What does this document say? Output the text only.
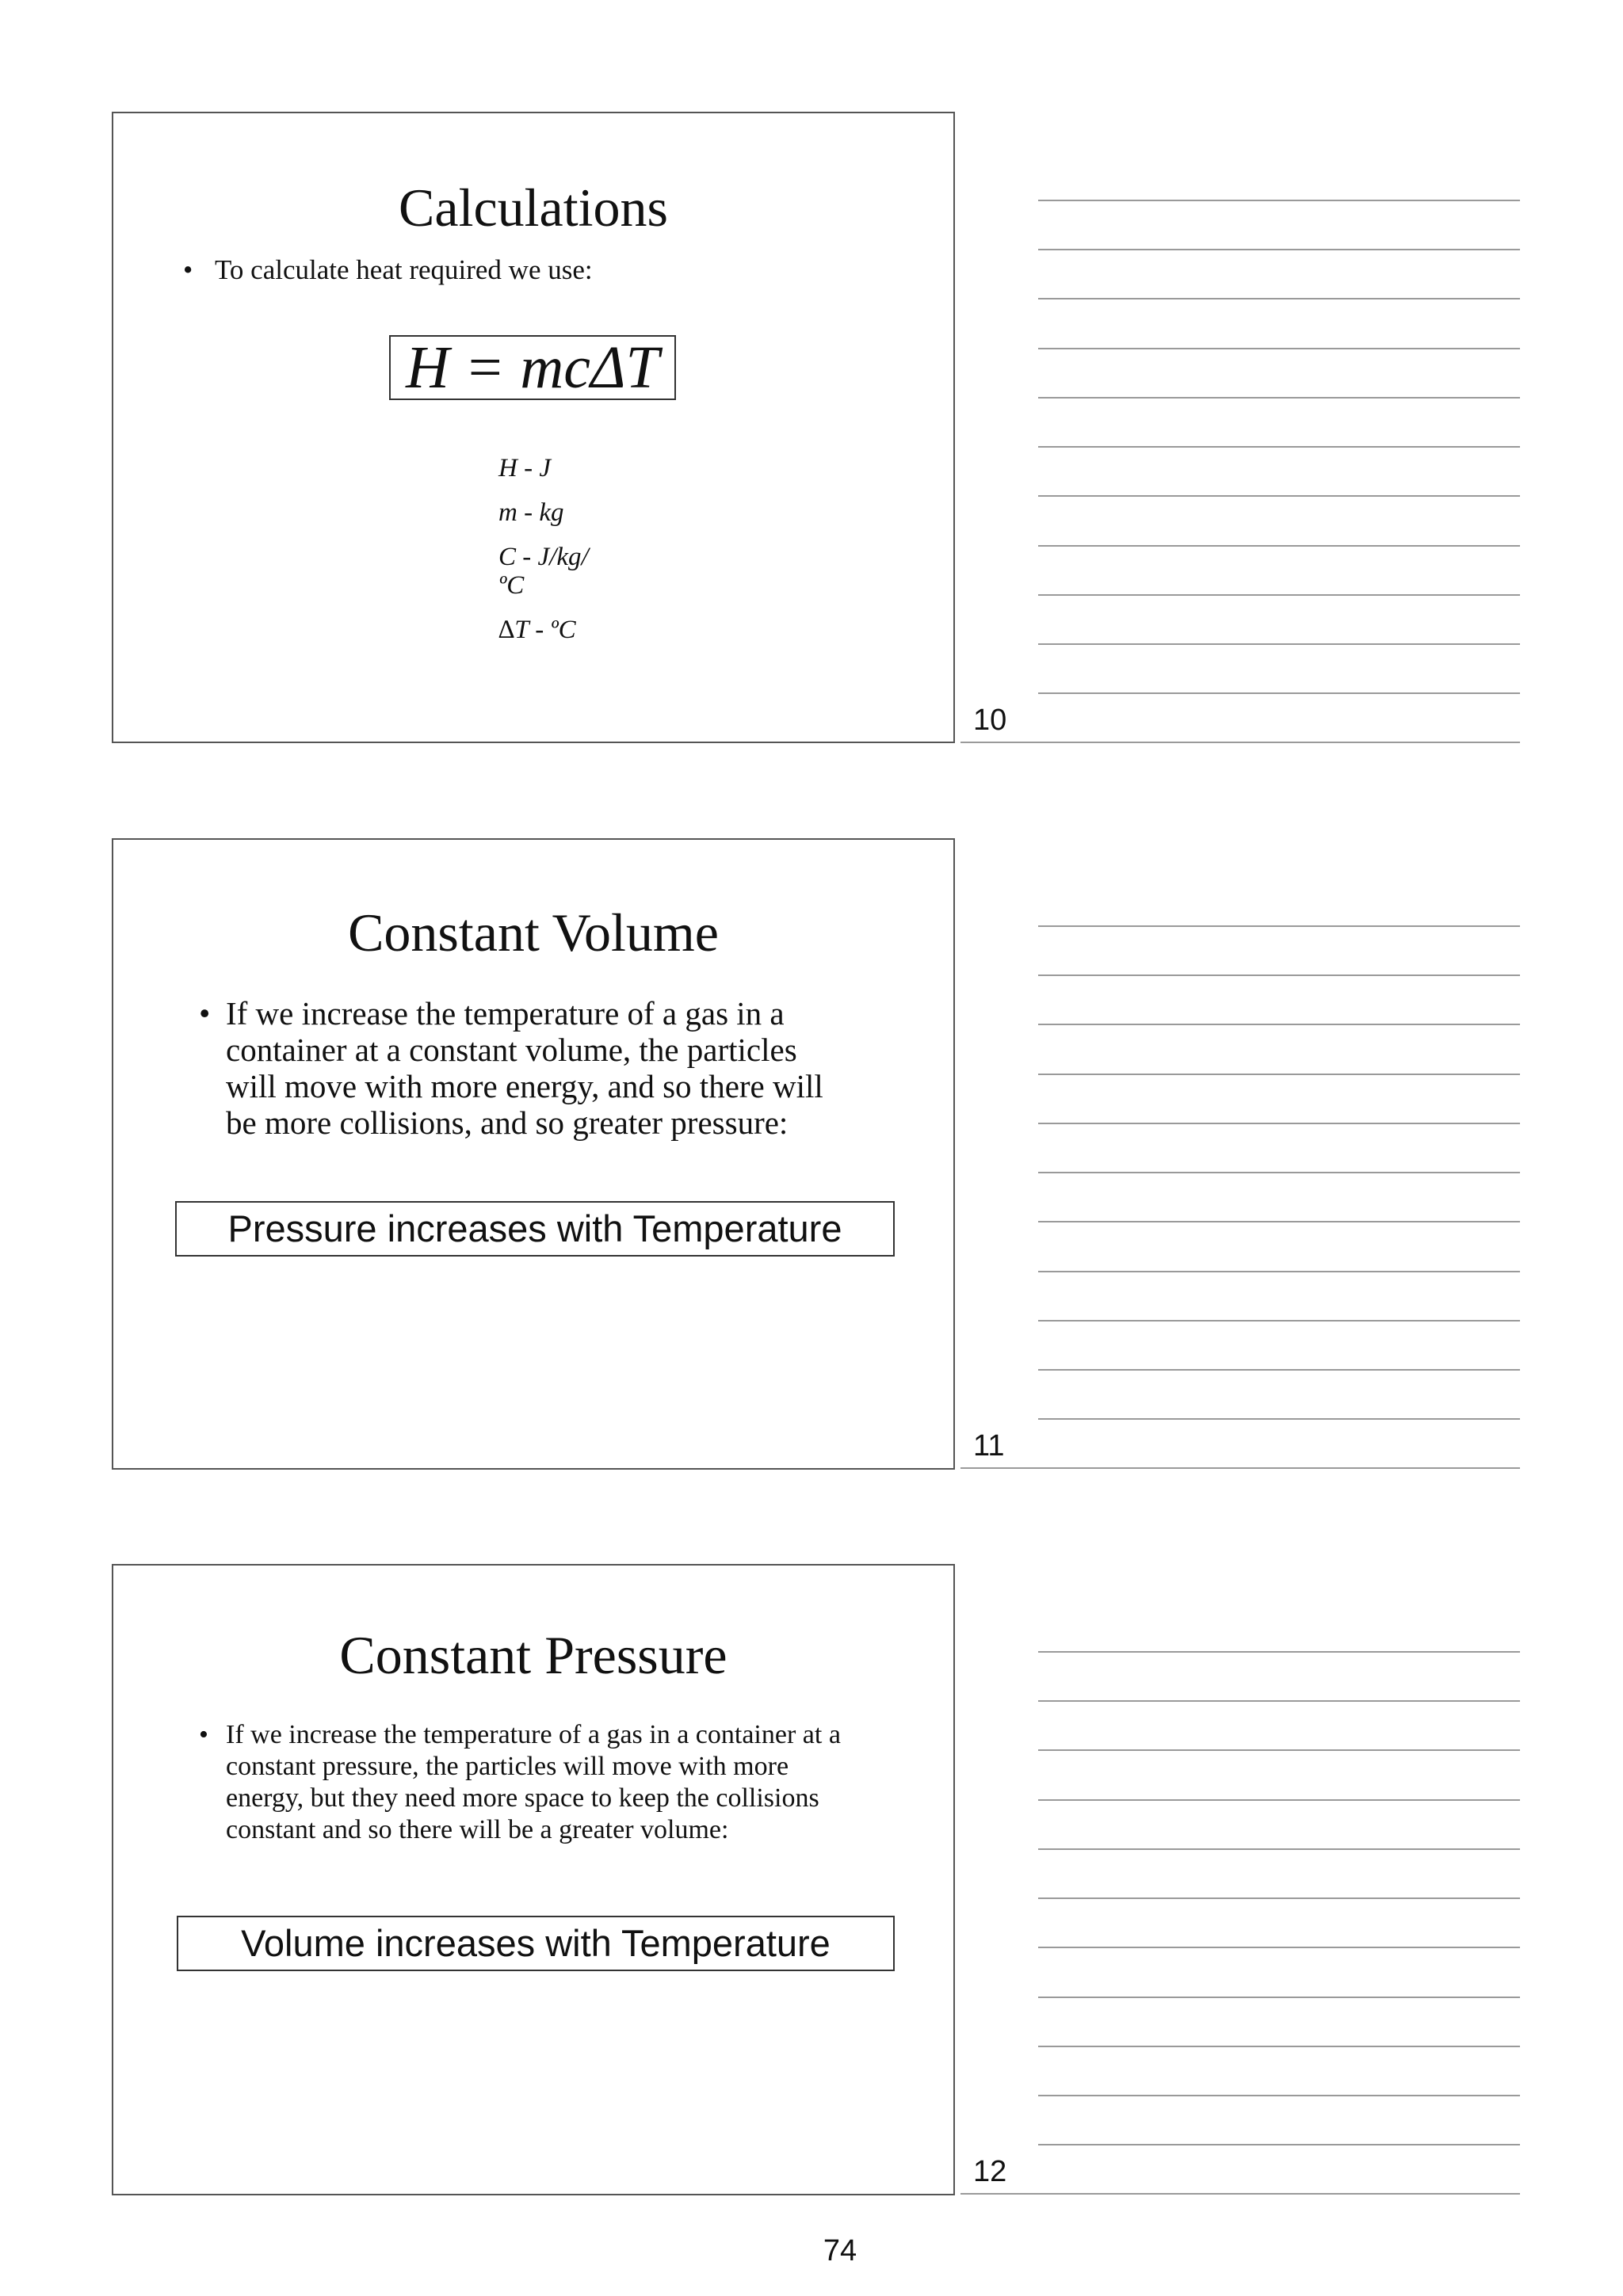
Calculations
• To calculate heat required we use:
H = mcΔT
H - J
m - kg
C - J/kg/
ºC
∆T - ºC
10
Constant Volume
• If we increase the temperature of a gas in a container at a constant volume, the particles will move with more energy, and so there will be more collisions, and so greater pressure:
Pressure increases with Temperature
11
Constant Pressure
• If we increase the temperature of a gas in a container at a constant pressure, the particles will move with more energy, but they need more space to keep the collisions constant and so there will be a greater volume:
Volume increases with Temperature
12
74
